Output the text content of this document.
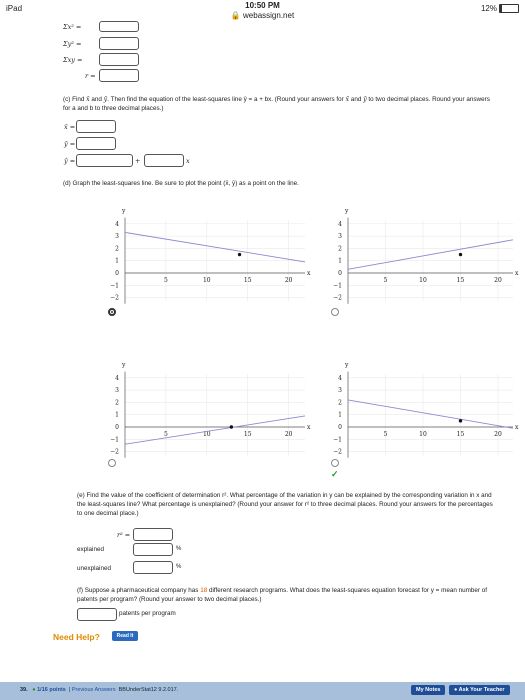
iPad	10:50 PM
🔒 webassign.net
12%
Σx² =
Σy² =
Σxy =
r =
(c) Find x̄ and ȳ. Then find the equation of the least-squares line ŷ = a + bx. (Round your answers for x̄ and ȳ to two decimal places. Round your answers for a and b to three decimal places.)
x̄ =
ȳ =
ŷ =	+	x
(d) Graph the least-squares line. Be sure to plot the point (x̄, ȳ) as a point on the line.
y
x
4
3
2
1
0
−1
−2
5	10	15	20
y
x
4
3
2
1
0
−1
−2
5	10	15	20
y
x
4
3
2
1
0
−1
−2
5	10	15	20
y
x
4
3
2
1
0
−1
−2
5	10	15	20
✓
(e) Find the value of the coefficient of determination r². What percentage of the variation in y can be explained by the corresponding variation in x and the least-squares line? What percentage is unexplained? (Round your answer for r² to three decimal places. Round your answers for the percentages to one decimal place.)
r² =
explained	%
unexplained	%
(f) Suppose a pharmaceutical company has 18 different research programs. What does the least-squares equation forecast for y = mean number of patents per program? (Round your answer to two decimal places.)
patents per program
Need Help?	Read It
39. ● 1/16 points  | Previous Answers BBUnderStat12 9.2.017.	My Notes	● Ask Your Teacher
